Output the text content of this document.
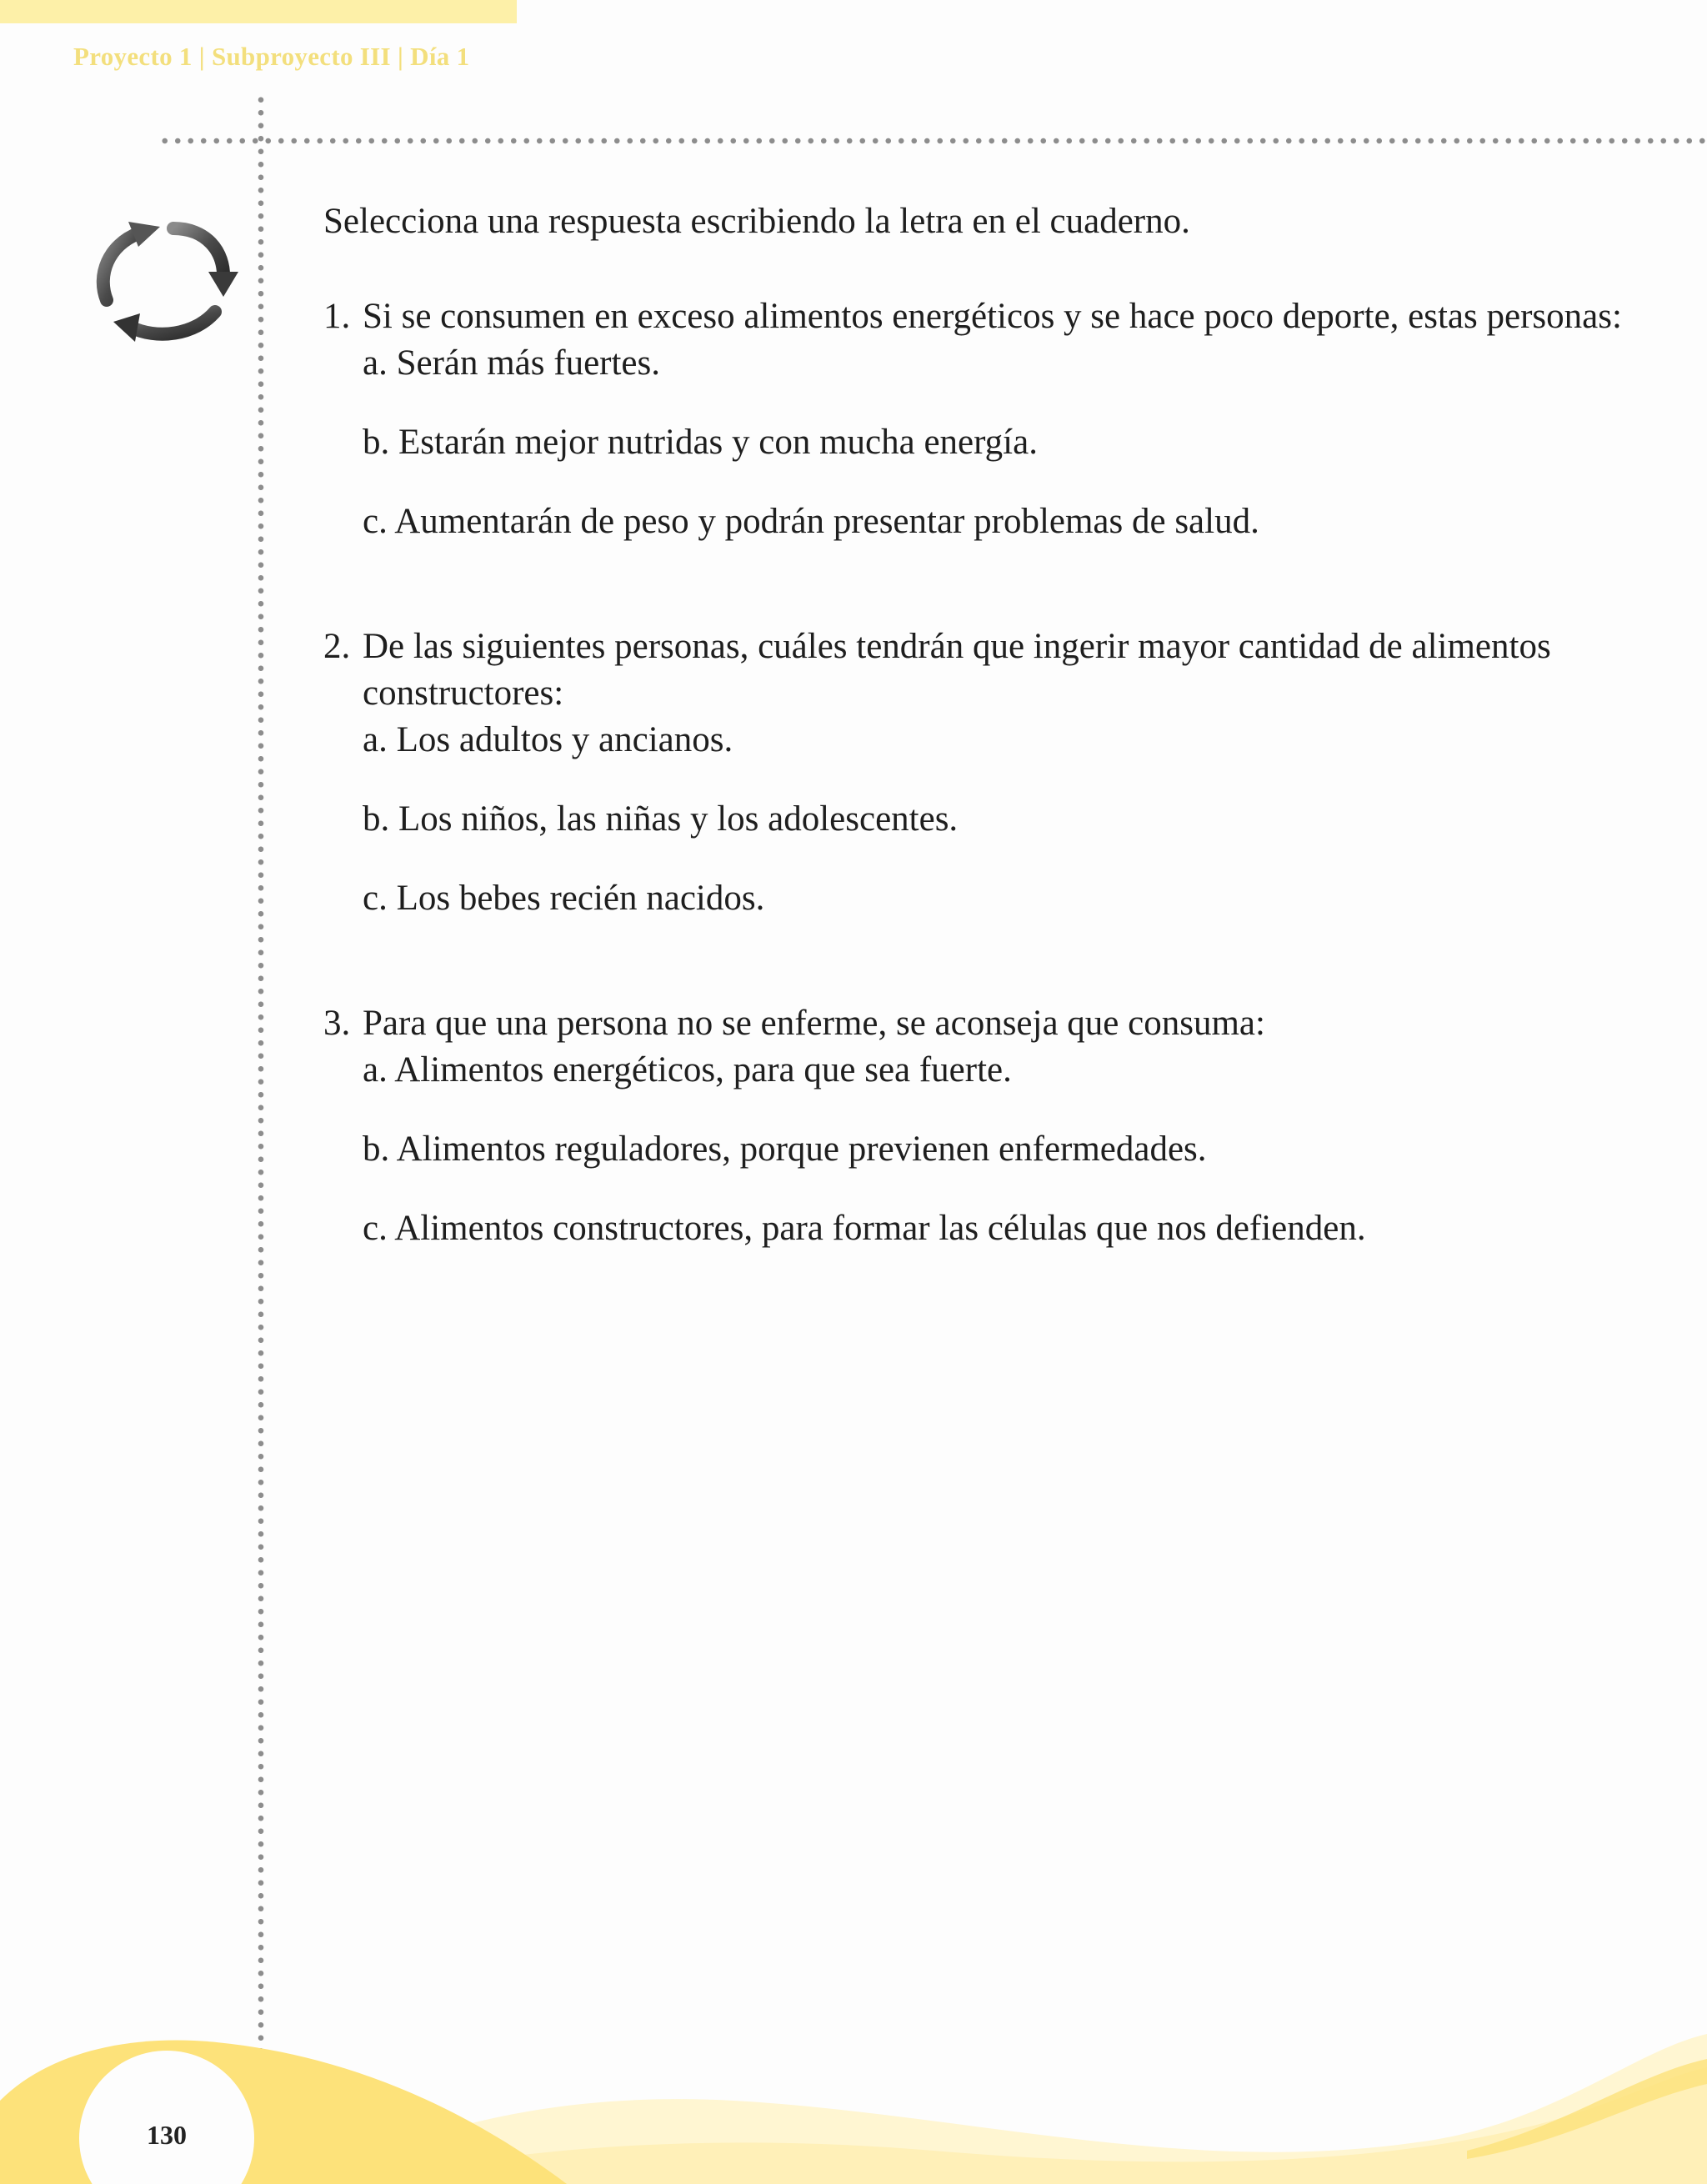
Proyecto 1 | Subproyecto III | Día 1
Selecciona una respuesta escribiendo la letra en el cuaderno.
1. Si se consumen en exceso alimentos energéticos y se hace poco deporte, estas personas:
a. Serán más fuertes.
b. Estarán mejor nutridas y con mucha energía.
c. Aumentarán de peso y podrán presentar problemas de salud.
2. De las siguientes personas, cuáles tendrán que ingerir mayor cantidad de alimentos constructores:
a. Los adultos y ancianos.
b. Los niños, las niñas y los adolescentes.
c. Los bebes recién nacidos.
3. Para que una persona no se enferme, se aconseja que consuma:
a. Alimentos energéticos, para que sea fuerte.
b. Alimentos reguladores, porque previenen enfermedades.
c. Alimentos constructores, para formar las células que nos defienden.
130
